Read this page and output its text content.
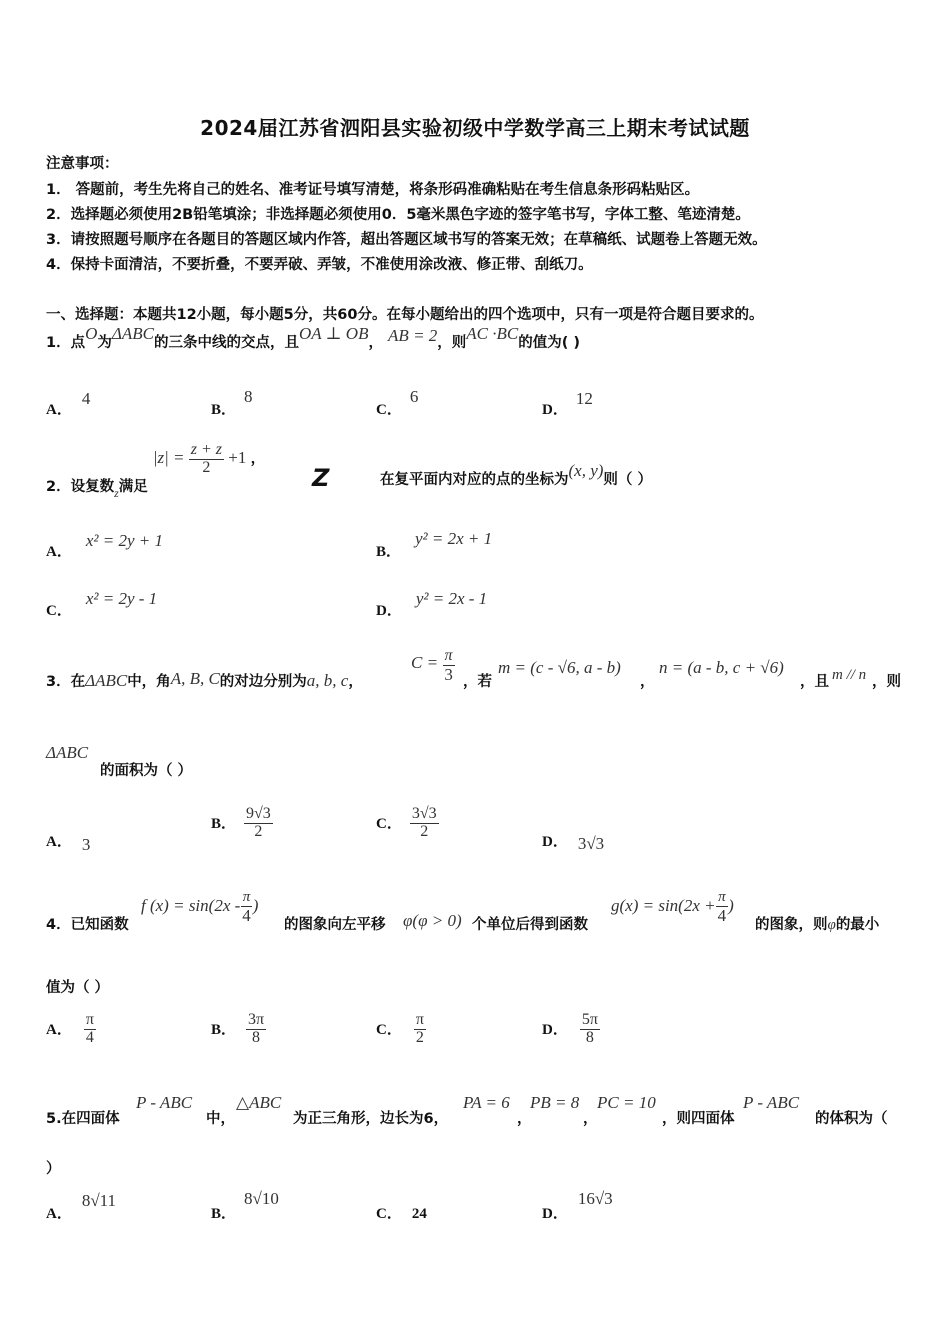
2024届江苏省泗阳县实验初级中学数学高三上期末考试试题
注意事项：
1． 答题前，考生先将自己的姓名、准考证号填写清楚，将条形码准确粘贴在考生信息条形码粘贴区。
2．选择题必须使用2B铅笔填涂；非选择题必须使用0．5毫米黑色字迹的签字笔书写，字体工整、笔迹清楚。
3．请按照题号顺序在各题目的答题区域内作答，超出答题区域书写的答案无效；在草稿纸、试题卷上答题无效。
4．保持卡面清洁，不要折叠，不要弄破、弄皱，不准使用涂改液、修正带、刮纸刀。
一、选择题：本题共12小题，每小题5分，共60分。在每小题给出的四个选项中，只有一项是符合题目要求的。
1．点O为ΔABC的三条中线的交点，且OA ⊥ OB， AB = 2，则AC ·BC的值为( )
A．4
B．8
C．6
D．12
2．设复数$_z$满足 $|z| = \frac{z + z}{2} +1$ ，
Z	在复平面内对应的点的坐标为(x, y)则（ ）
A．x² = 2y + 1
B．y² = 2x + 1
C．x² = 2y - 1
D．y² = 2x - 1
3．在ΔABC中，角A, B, C的对边分别为a, b, c，
$C = \frac{\pi}{3}$ ，若
m = (c - √6, a - b)
，
n = (a - b, c + √6)
，且 m // n ，则
ΔABC
的面积为（ ）
A． 3
B． $\frac{9√3}{2}$	C． $\frac{3√3}{2}$
D． 3√3
4．已知函数
f $(x) = \sin(2x - \frac{\pi}{4}$ )
的图象向左平移 φ(φ > 0) 个单位后得到函数
$g(x) = \sin(2x + \frac{\pi}{4}$ )
的图象，则φ的最小
值为（ ）
A． $\frac{\pi}{4}$	B． $\frac{3\pi}{8}$	C． $\frac{\pi}{2}$	D． $\frac{5\pi}{8}$
5.在四面体
P - ABC
中，
△ABC
为正三角形，边长为6，
PA = 6
，
PB = 8
，
PC = 10
，则四面体
P - ABC
的体积为（
）
A．8√11
B．8√10
C． 24	D．16√3
